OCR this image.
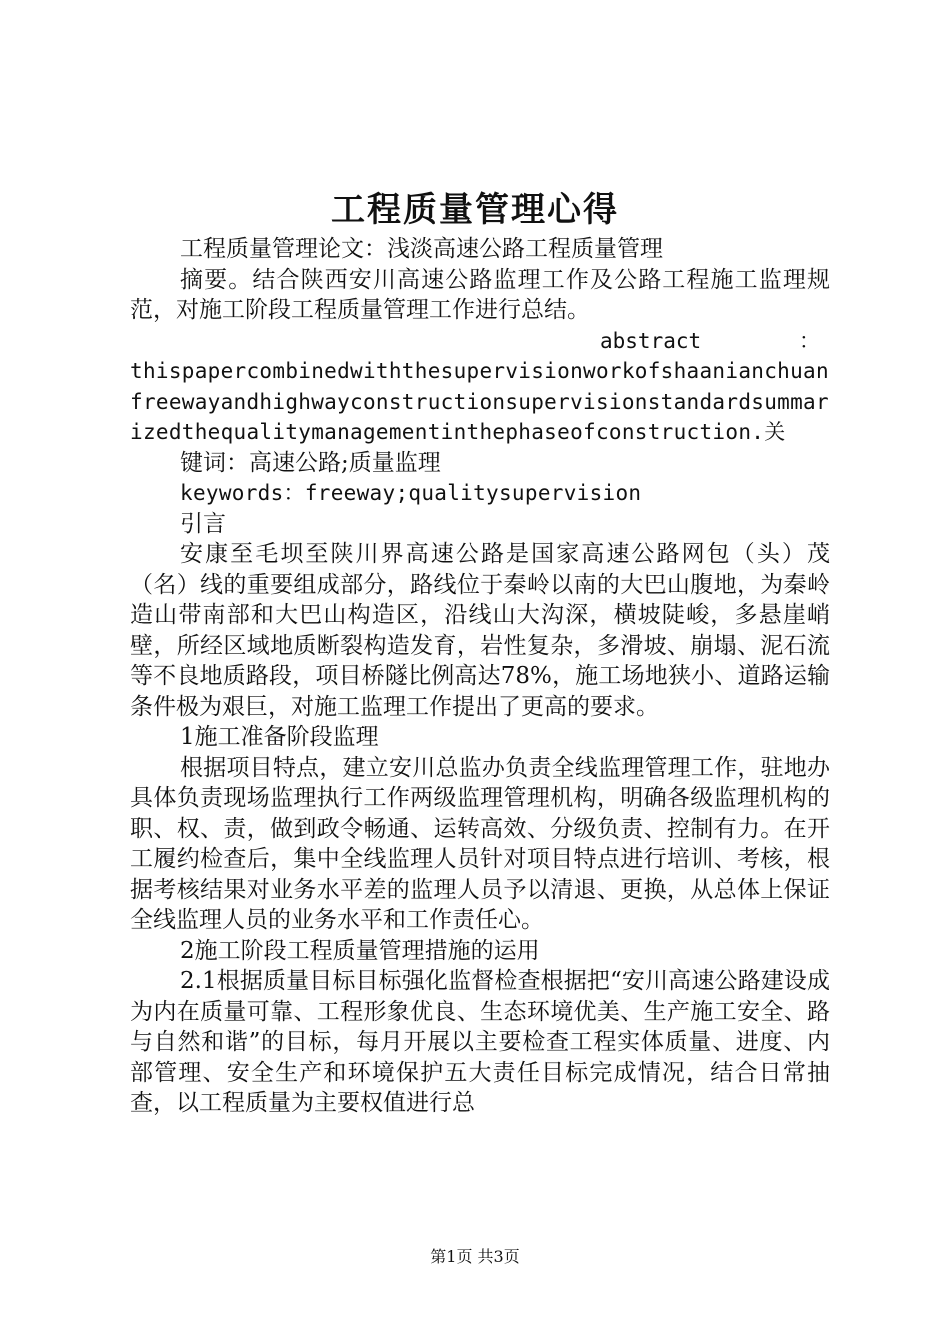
工程质量管理心得

工程质量管理论文：浅淡高速公路工程质量管理

摘要。结合陕西安川高速公路监理工作及公路工程施工监理规范，对施工阶段工程质量管理工作进行总结。

abstract	：
thispapercombinedwiththesupervisionworkofshaanianchuanfreewayandhighwayconstructionsupervisionstandardsummarizedthequalitymanagementinthephaseofconstruction.关

键词：高速公路;质量监理

keywords：freeway;qualitysupervision

引言

安康至毛坝至陕川界高速公路是国家高速公路网包（头）茂（名）线的重要组成部分，路线位于秦岭以南的大巴山腹地，为秦岭造山带南部和大巴山构造区，沿线山大沟深，横坡陡峻，多悬崖峭壁，所经区域地质断裂构造发育，岩性复杂，多滑坡、崩塌、泥石流等不良地质路段，项目桥隧比例高达78%，施工场地狭小、道路运输条件极为艰巨，对施工监理工作提出了更高的要求。

1施工准备阶段监理

根据项目特点，建立安川总监办负责全线监理管理工作，驻地办具体负责现场监理执行工作两级监理管理机构，明确各级监理机构的职、权、责，做到政令畅通、运转高效、分级负责、控制有力。在开工履约检查后，集中全线监理人员针对项目特点进行培训、考核，根据考核结果对业务水平差的监理人员予以清退、更换，从总体上保证全线监理人员的业务水平和工作责任心。

2施工阶段工程质量管理措施的运用

2.1根据质量目标目标强化监督检查根据把“安川高速公路建设成为内在质量可靠、工程形象优良、生态环境优美、生产施工安全、路与自然和谐”的目标，每月开展以主要检查工程实体质量、进度、内部管理、安全生产和环境保护五大责任目标完成情况，结合日常抽查，以工程质量为主要权值进行总

第1页 共3页
